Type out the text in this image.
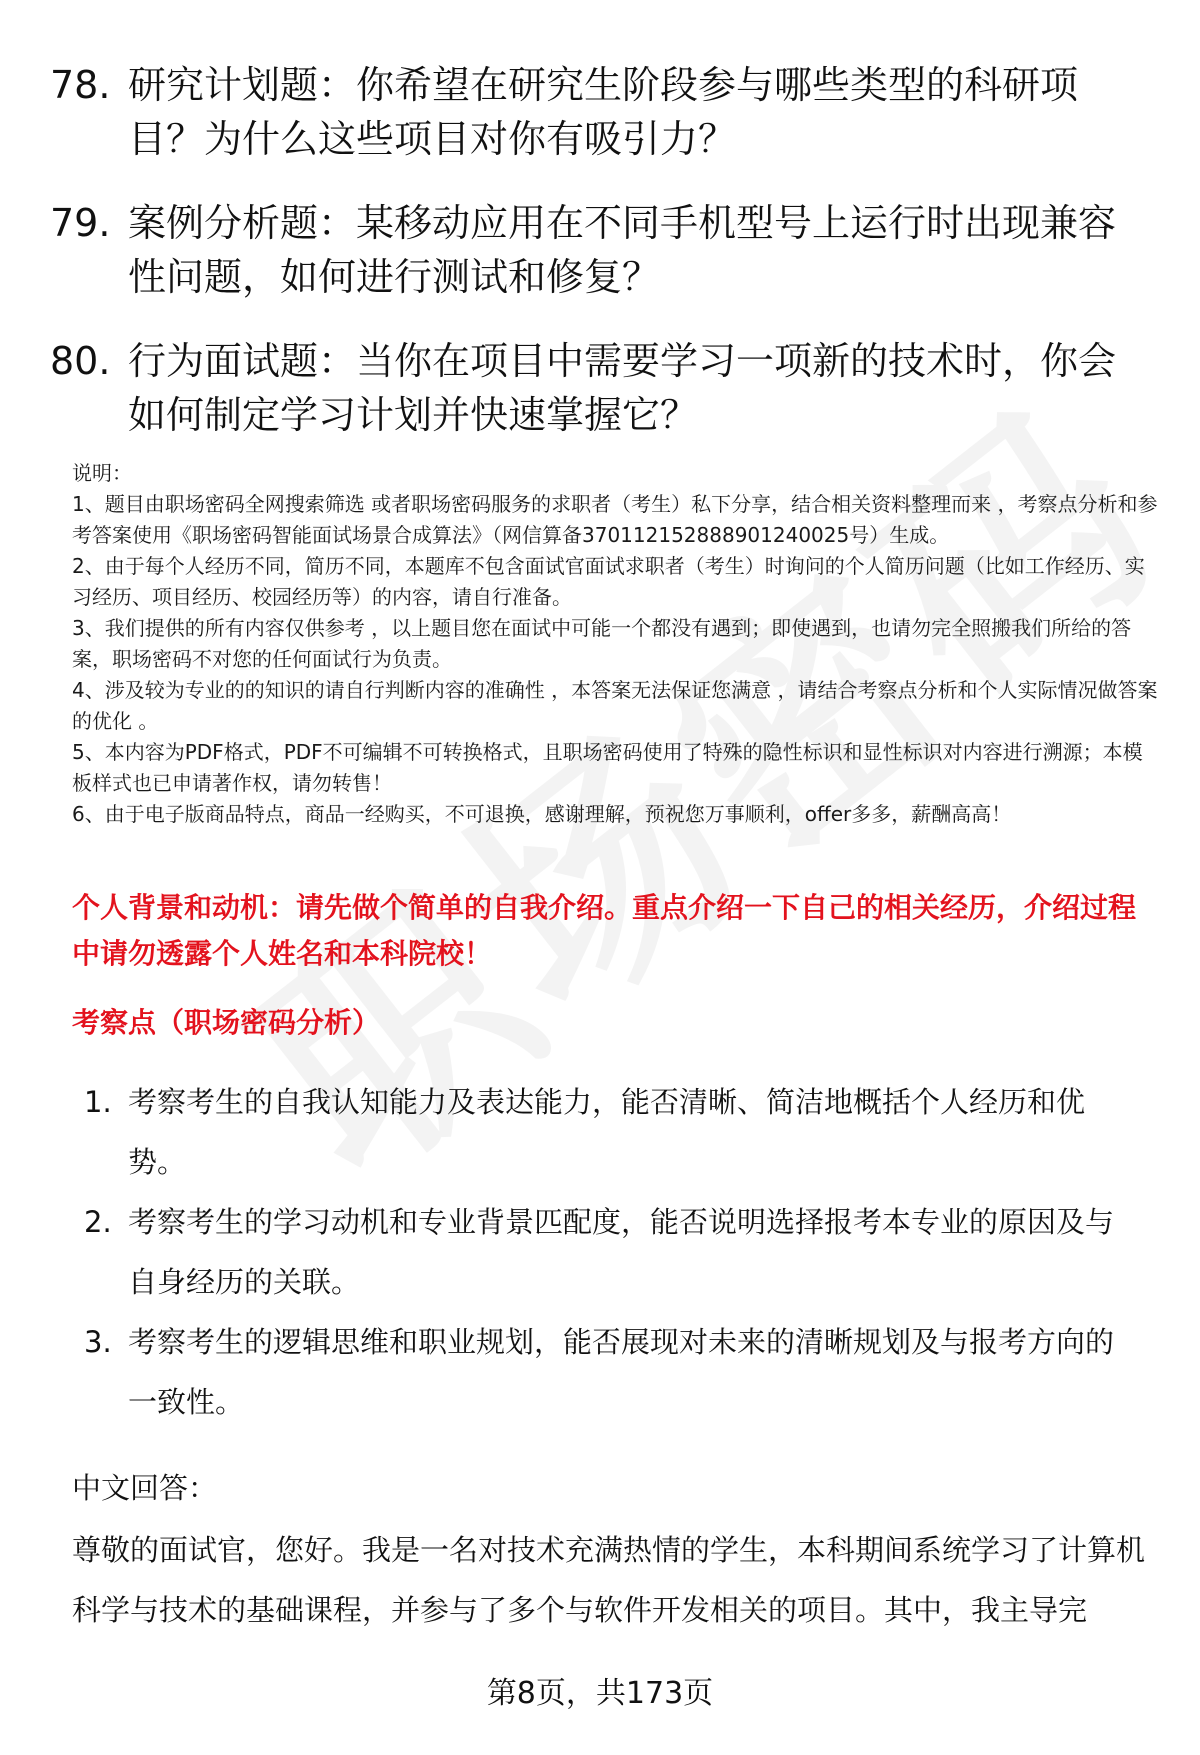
78. 研究计划题：你希望在研究生阶段参与哪些类型的科研项目？为什么这些项目对你有吸引力？
79. 案例分析题：某移动应用在不同手机型号上运行时出现兼容性问题，如何进行测试和修复？
80. 行为面试题：当你在项目中需要学习一项新的技术时，你会如何制定学习计划并快速掌握它？

说明：

1、题目由职场密码全网搜索筛选 或者职场密码服务的求职者（考生）私下分享，结合相关资料整理而来 ，考察点分析和参考答案使用《职场密码智能面试场景合成算法》（网信算备370112152888901240025号）生成。

2、由于每个人经历不同，简历不同，本题库不包含面试官面试求职者（考生）时询问的个人简历问题（比如工作经历、实习经历、项目经历、校园经历等）的内容，请自行准备。

3、我们提供的所有内容仅供参考 ，以上题目您在面试中可能一个都没有遇到；即使遇到，也请勿完全照搬我们所给的答案，职场密码不对您的任何面试行为负责。

4、涉及较为专业的的知识的请自行判断内容的准确性 ，本答案无法保证您满意 ，请结合考察点分析和个人实际情况做答案的优化 。

5、本内容为PDF格式，PDF不可编辑不可转换格式，且职场密码使用了特殊的隐性标识和显性标识对内容进行溯源；本模板样式也已申请著作权，请勿转售！

6、由于电子版商品特点，商品一经购买，不可退换，感谢理解，预祝您万事顺利，offer多多，薪酬高高！

个人背景和动机：请先做个简单的自我介绍。重点介绍一下自己的相关经历，介绍过程中请勿透露个人姓名和本科院校！
考察点（职场密码分析）
1. 考察考生的自我认知能力及表达能力，能否清晰、简洁地概括个人经历和优势。
2. 考察考生的学习动机和专业背景匹配度，能否说明选择报考本专业的原因及与自身经历的关联。
3. 考察考生的逻辑思维和职业规划，能否展现对未来的清晰规划及与报考方向的一致性。
中文回答：
尊敬的面试官，您好。我是一名对技术充满热情的学生，本科期间系统学习了计算机科学与技术的基础课程，并参与了多个与软件开发相关的项目。其中，我主导完
第8页，共173页
